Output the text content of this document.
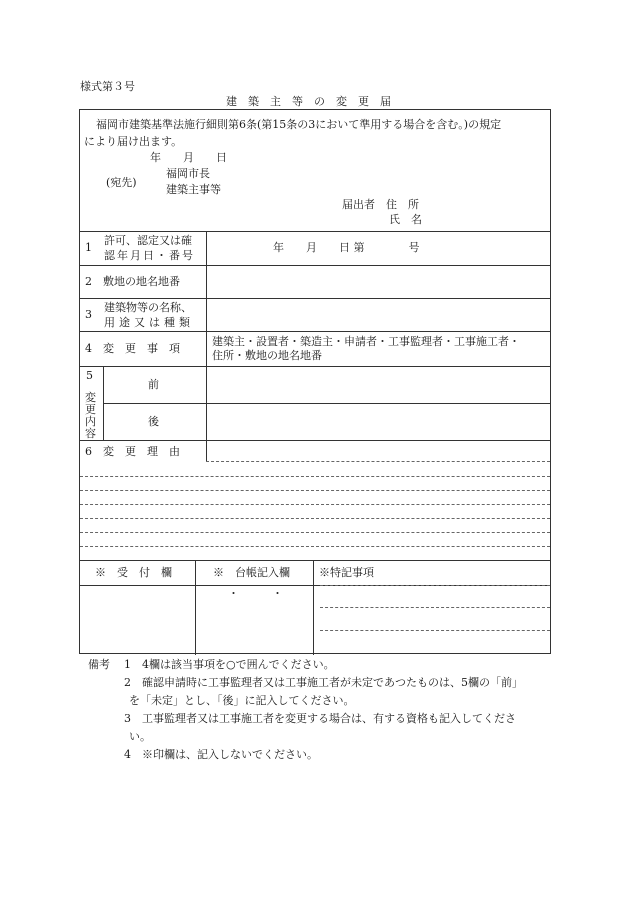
様式第３号
建築主等の変更届
福岡市建築基準法施行細則第6条(第15条の3において準用する場合を含む。)の規定
により届け出ます。
年　　月　　日
(宛先)
福岡市長
建築主事等
届出者　住　所
氏　名
1
許可、認定又は確
認年月日・番号
年　　月　　日 第　　　　号
2　敷地の地名地番
3
建築物等の名称、
用途又は種類
4　変　更　事　項
建築主・設置者・築造主・申請者・工事監理者・工事施工者・
住所・敷地の地名地番
5
変
更
内
容
前
後
6　変　更　理　由
※　受　付　欄	※　台帳記入欄	※特記事項
・　　　・
備考 1　4欄は該当事項を○で囲んでください。
2　確認申請時に工事監理者又は工事施工者が未定であつたものは、5欄の「前」
を「未定」とし、「後」に記入してください。
3　工事監理者又は工事施工者を変更する場合は、有する資格も記入してくださ
い。
4　※印欄は、記入しないでください。
